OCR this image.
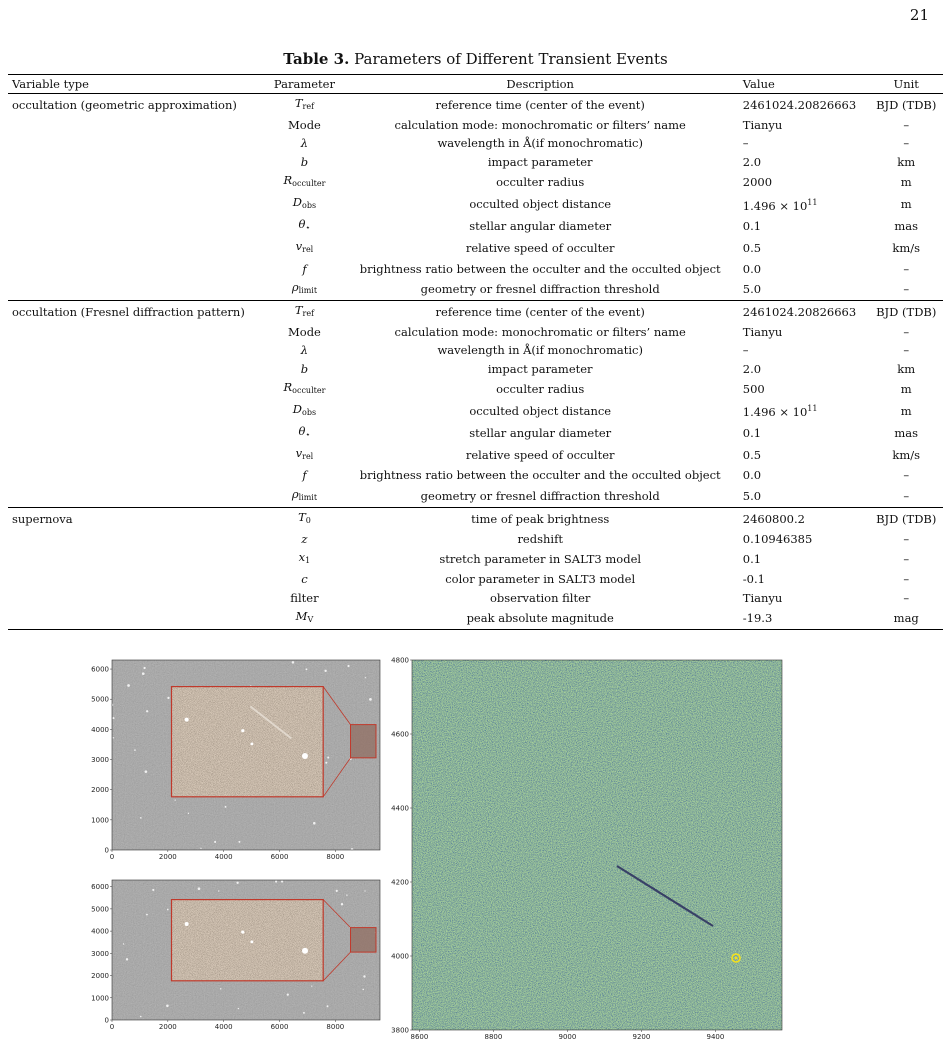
21
Table 3. Parameters of Different Transient Events
Variable type	Parameter	Description	Value	Unit
occultation (geometric approximation)	$T_{ref}$	reference time (center of the event)	2461024.20826663	BJD (TDB)
	Mode	calculation mode: monochromatic or filters’ name	Tianyu	–
	λ	wavelength in Å(if monochromatic)	–	–
	b	impact parameter	2.0	km
	$R_{occulter}$	occulter radius	2000	m
	$D_{obs}$	occulted object distance	$1.496 \times 10^{11}$	m
	$\theta_⋆$	stellar angular diameter	0.1	mas
	$v_{rel}$	relative speed of occulter	0.5	km/s
	f	brightness ratio between the occulter and the occulted object	0.0	–
	$\rho_{limit}$	geometry or fresnel diffraction threshold	5.0	–
occultation (Fresnel diffraction pattern)	$T_{ref}$	reference time (center of the event)	2461024.20826663	BJD (TDB)
	Mode	calculation mode: monochromatic or filters’ name	Tianyu	–
	λ	wavelength in Å(if monochromatic)	–	–
	b	impact parameter	2.0	km
	$R_{occulter}$	occulter radius	500	m
	$D_{obs}$	occulted object distance	$1.496 \times 10^{11}$	m
	$\theta_⋆$	stellar angular diameter	0.1	mas
	$v_{rel}$	relative speed of occulter	0.5	km/s
	f	brightness ratio between the occulter and the occulted object	0.0	–
	$\rho_{limit}$	geometry or fresnel diffraction threshold	5.0	–
supernova	$T_0$	time of peak brightness	2460800.2	BJD (TDB)
	z	redshift	0.10946385	–
	$x_1$	stretch parameter in SALT3 model	0.1	–
	c	color parameter in SALT3 model	-0.1	–
	filter	observation filter	Tianyu	–
	$M_V$	peak absolute magnitude	-19.3	mag
0	2000	4000	6000	8000
0
1000
2000
3000
4000
5000
6000
0	2000	4000	6000	8000
0
1000
2000
3000
4000
5000
6000
8600	8800	9000	9200	9400
3800
4000
4200
4400
4600
4800
